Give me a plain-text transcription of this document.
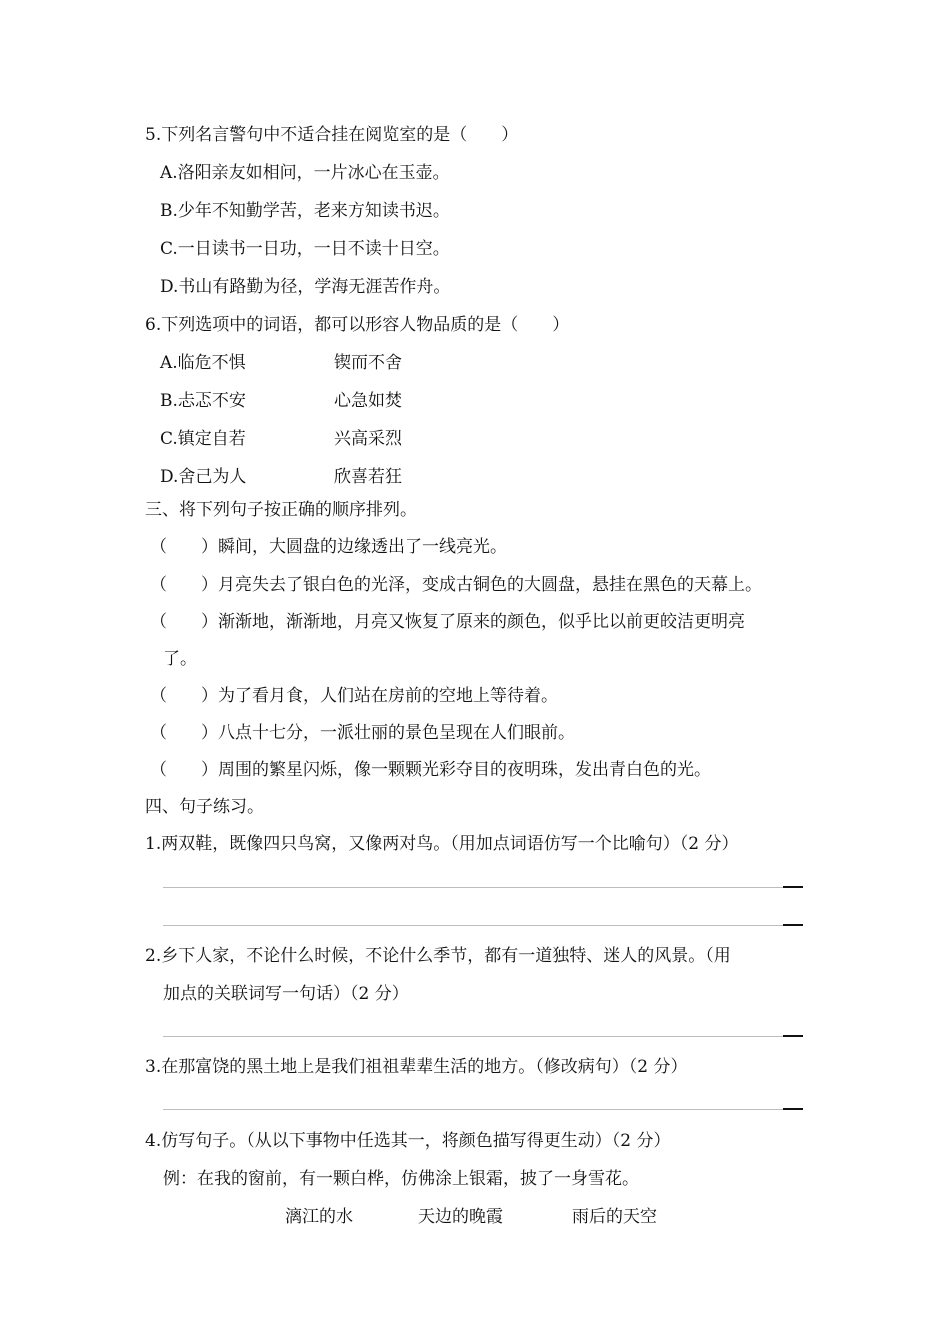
5.下列名言警句中不适合挂在阅览室的是（　　）
A.洛阳亲友如相问，一片冰心在玉壶。
B.少年不知勤学苦，老来方知读书迟。
C.一日读书一日功，一日不读十日空。
D.书山有路勤为径，学海无涯苦作舟。
6.下列选项中的词语，都可以形容人物品质的是（　　）
A.临危不惧	锲而不舍
B.忐忑不安	心急如焚
C.镇定自若	兴高采烈
D.舍己为人	欣喜若狂
三、将下列句子按正确的顺序排列。
（　　）瞬间，大圆盘的边缘透出了一线亮光。
（　　）月亮失去了银白色的光泽，变成古铜色的大圆盘，悬挂在黑色的天幕上。
（　　）渐渐地，渐渐地，月亮又恢复了原来的颜色，似乎比以前更皎洁更明亮
了。
（　　）为了看月食，人们站在房前的空地上等待着。
（　　）八点十七分，一派壮丽的景色呈现在人们眼前。
（　　）周围的繁星闪烁，像一颗颗光彩夺目的夜明珠，发出青白色的光。
四、句子练习。
1.两双鞋，既像四只鸟窝，又像两对鸟。（用加点词语仿写一个比喻句）（2 分）
2.乡下人家，不论什么时候，不论什么季节，都有一道独特、迷人的风景。（用
加点的关联词写一句话）（2 分）
3.在那富饶的黑土地上是我们祖祖辈辈生活的地方。（修改病句）（2 分）
4.仿写句子。（从以下事物中任选其一，将颜色描写得更生动）（2 分）
例：在我的窗前，有一颗白桦，仿佛涂上银霜，披了一身雪花。
漓江的水	天边的晚霞	雨后的天空
